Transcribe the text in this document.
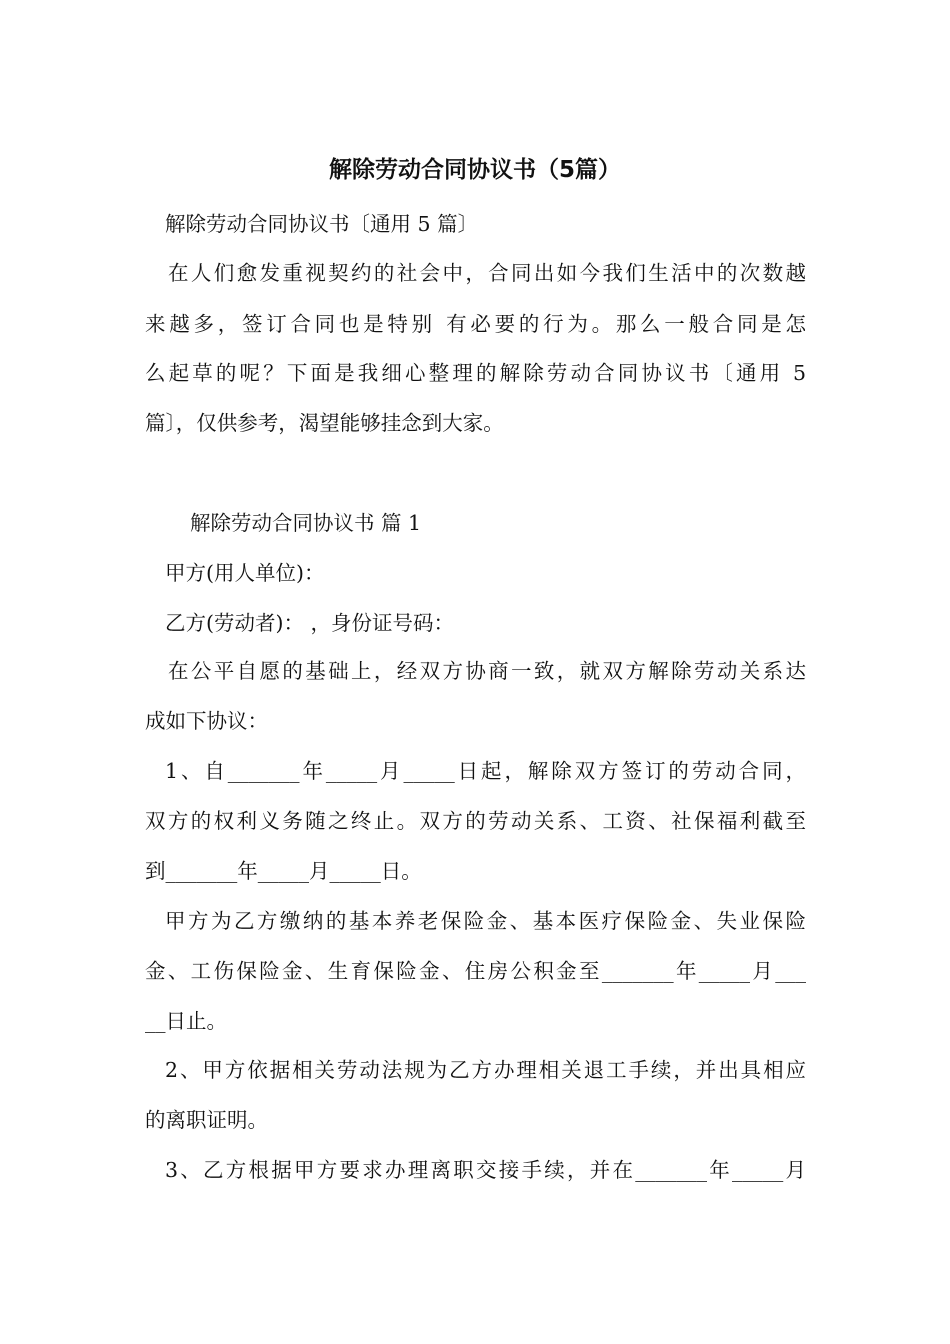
解除劳动合同协议书（5篇）
解除劳动合同协议书〔通用 5 篇〕
在人们愈发重视契约的社会中，合同出如今我们生活中的次数越
来越多，签订合同也是特别 有必要的行为。那么一般合同是怎
么起草的呢？下面是我细心整理的解除劳动合同协议书〔通用 5
篇〕，仅供参考，渴望能够挂念到大家。
解除劳动合同协议书 篇 1
甲方(用人单位)：
乙方(劳动者)： ，身份证号码：
在公平自愿的基础上，经双方协商一致，就双方解除劳动关系达
成如下协议：
1、自_______年_____月_____日起，解除双方签订的劳动合同，
双方的权利义务随之终止。双方的劳动关系、工资、社保福利截至
到_______年_____月_____日。
甲方为乙方缴纳的基本养老保险金、基本医疗保险金、失业保险
金、工伤保险金、生育保险金、住房公积金至_______年_____月___
__日止。
2、甲方依据相关劳动法规为乙方办理相关退工手续，并出具相应
的离职证明。
3、乙方根据甲方要求办理离职交接手续，并在_______年_____月
